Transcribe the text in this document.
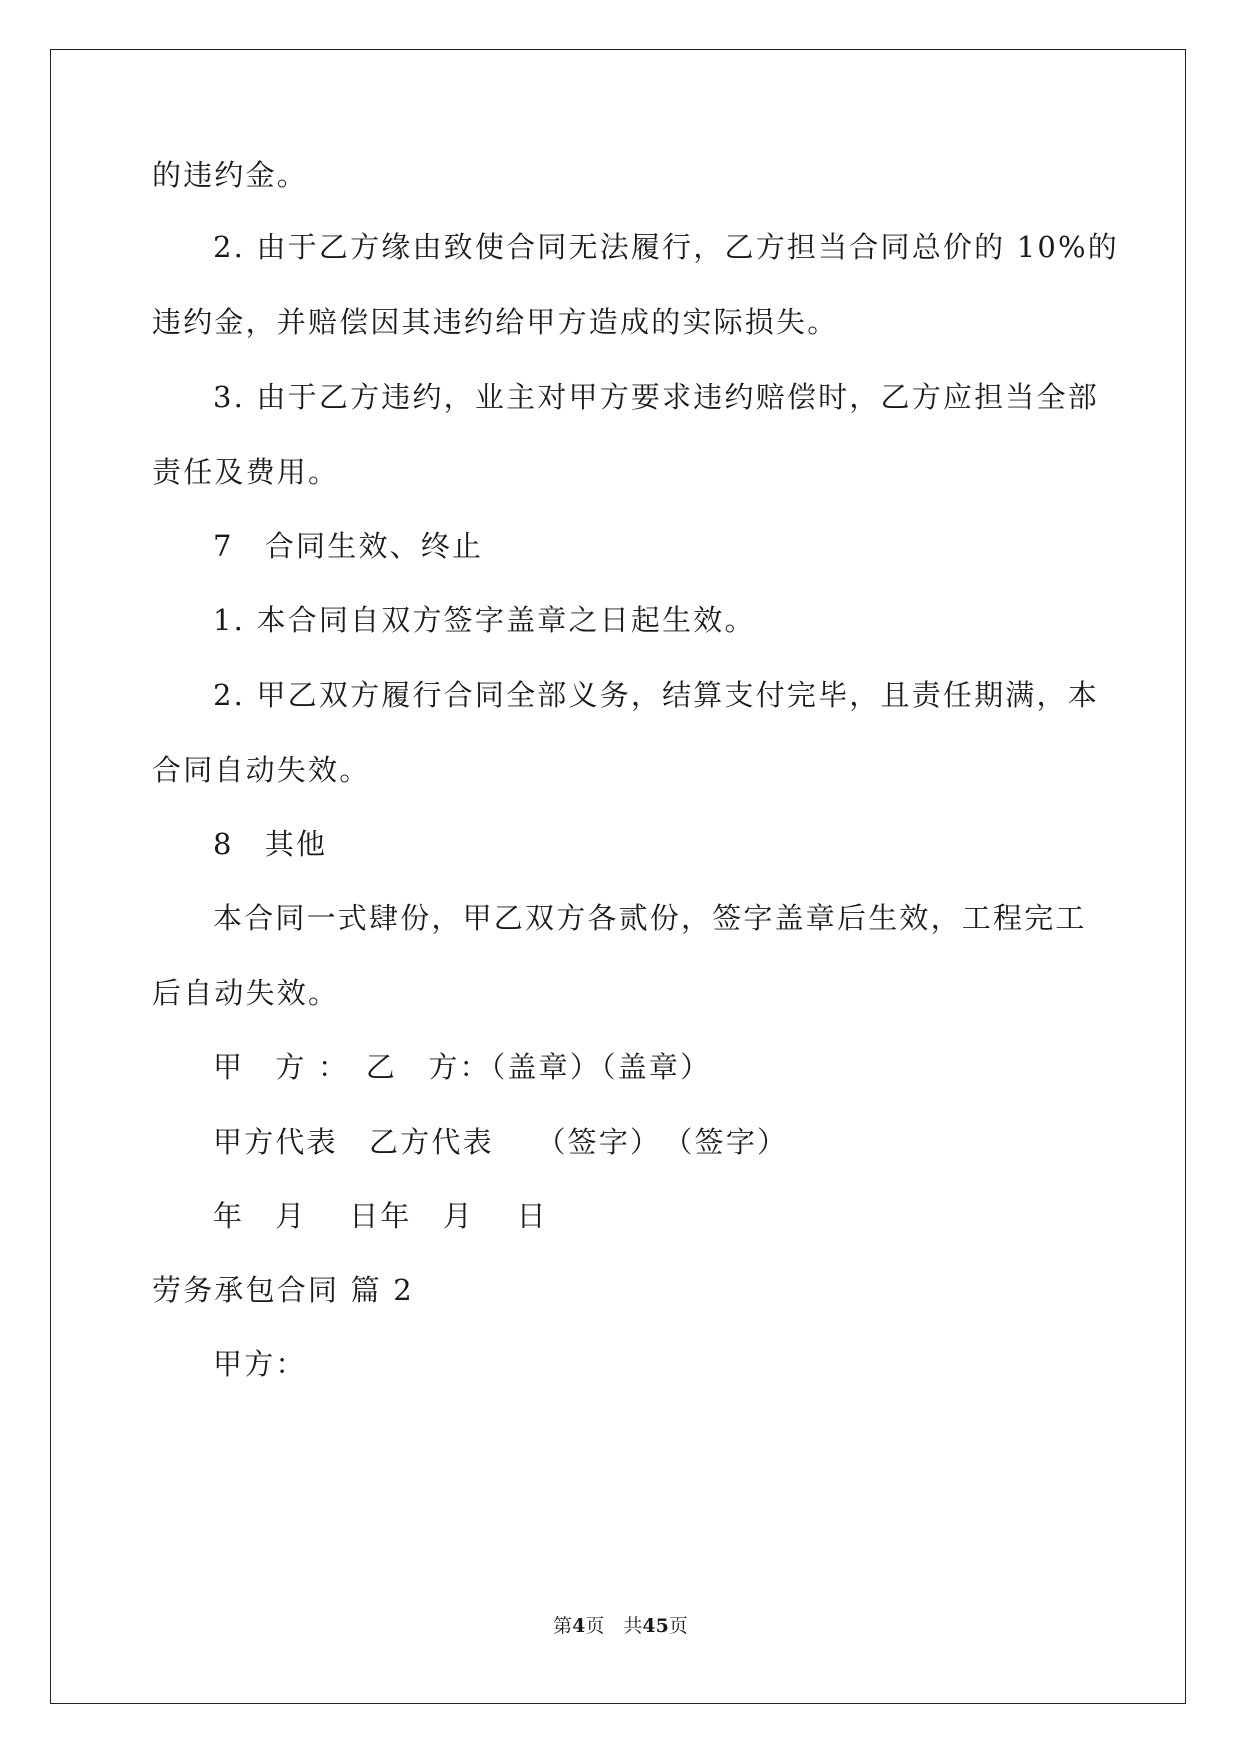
的违约金。
2. 由于乙方缘由致使合同无法履行，乙方担当合同总价的 10%的
违约金，并赔偿因其违约给甲方造成的实际损失。
3. 由于乙方违约，业主对甲方要求违约赔偿时，乙方应担当全部
责任及费用。
7　合同生效、终止
1. 本合同自双方签字盖章之日起生效。
2. 甲乙双方履行合同全部义务，结算支付完毕，且责任期满，本
合同自动失效。
8　其他
本合同一式肆份，甲乙双方各贰份，签字盖章后生效，工程完工
后自动失效。
甲　方 ：　乙　方：（盖章）（盖章）
甲方代表　乙方代表　 （签字）　（签字）
年　月　 日年　月　 日
劳务承包合同 篇 2
甲方：
第4页　共45页
